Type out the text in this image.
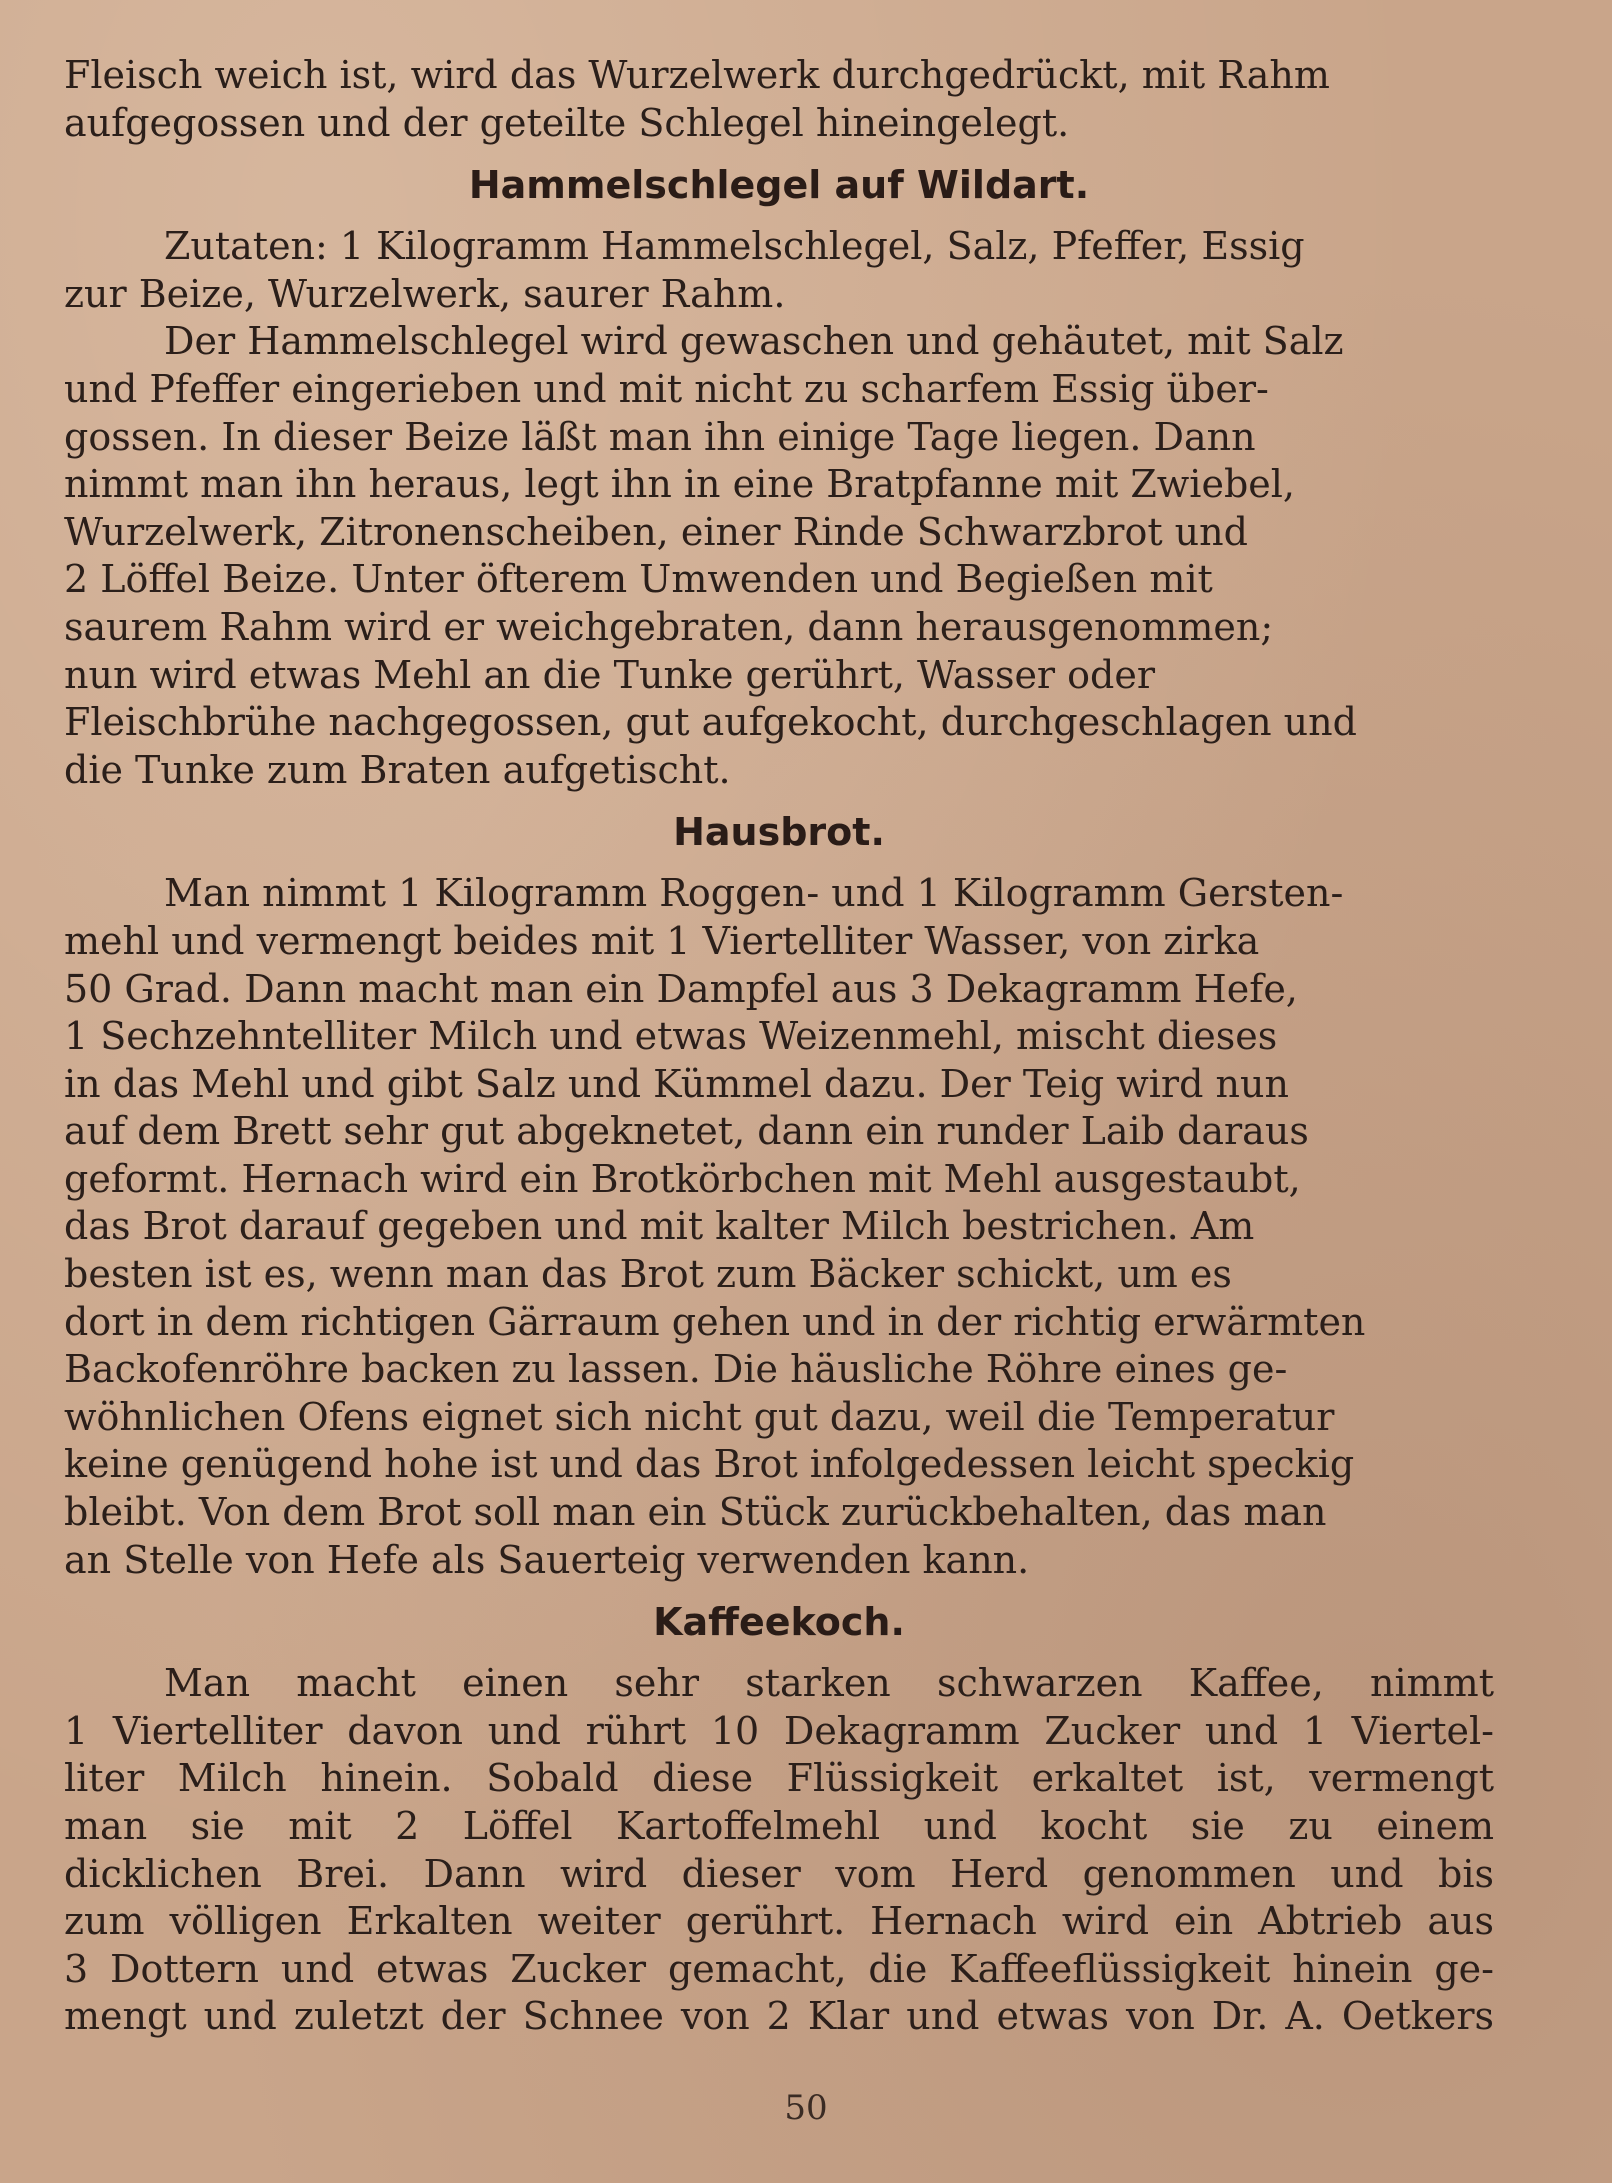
Fleisch weich ist, wird das Wurzelwerk durchgedrückt, mit Rahm
aufgegossen und der geteilte Schlegel hineingelegt.

Hammelschlegel auf Wildart.

Zutaten: 1 Kilogramm Hammelschlegel, Salz, Pfeffer, Essig
zur Beize, Wurzelwerk, saurer Rahm.

Der Hammelschlegel wird gewaschen und gehäutet, mit Salz
und Pfeffer eingerieben und mit nicht zu scharfem Essig über-
gossen. In dieser Beize läßt man ihn einige Tage liegen. Dann
nimmt man ihn heraus, legt ihn in eine Bratpfanne mit Zwiebel,
Wurzelwerk, Zitronenscheiben, einer Rinde Schwarzbrot und
2 Löffel Beize. Unter öfterem Umwenden und Begießen mit
saurem Rahm wird er weichgebraten, dann herausgenommen;
nun wird etwas Mehl an die Tunke gerührt, Wasser oder
Fleischbrühe nachgegossen, gut aufgekocht, durchgeschlagen und
die Tunke zum Braten aufgetischt.

Hausbrot.

Man nimmt 1 Kilogramm Roggen- und 1 Kilogramm Gersten-
mehl und vermengt beides mit 1 Viertelliter Wasser, von zirka
50 Grad. Dann macht man ein Dampfel aus 3 Dekagramm Hefe,
1 Sechzehntelliter Milch und etwas Weizenmehl, mischt dieses
in das Mehl und gibt Salz und Kümmel dazu. Der Teig wird nun
auf dem Brett sehr gut abgeknetet, dann ein runder Laib daraus
geformt. Hernach wird ein Brotkörbchen mit Mehl ausgestaubt,
das Brot darauf gegeben und mit kalter Milch bestrichen. Am
besten ist es, wenn man das Brot zum Bäcker schickt, um es
dort in dem richtigen Gärraum gehen und in der richtig erwärmten
Backofenröhre backen zu lassen. Die häusliche Röhre eines ge-
wöhnlichen Ofens eignet sich nicht gut dazu, weil die Temperatur
keine genügend hohe ist und das Brot infolgedessen leicht speckig
bleibt. Von dem Brot soll man ein Stück zurückbehalten, das man
an Stelle von Hefe als Sauerteig verwenden kann.

Kaffeekoch.

Man macht einen sehr starken schwarzen Kaffee, nimmt
1 Viertelliter davon und rührt 10 Dekagramm Zucker und 1 Viertel-
liter Milch hinein. Sobald diese Flüssigkeit erkaltet ist, vermengt
man sie mit 2 Löffel Kartoffelmehl und kocht sie zu einem
dicklichen Brei. Dann wird dieser vom Herd genommen und bis
zum völligen Erkalten weiter gerührt. Hernach wird ein Abtrieb aus
3 Dottern und etwas Zucker gemacht, die Kaffeeflüssigkeit hinein ge-
mengt und zuletzt der Schnee von 2 Klar und etwas von Dr. A. Oetkers

50
